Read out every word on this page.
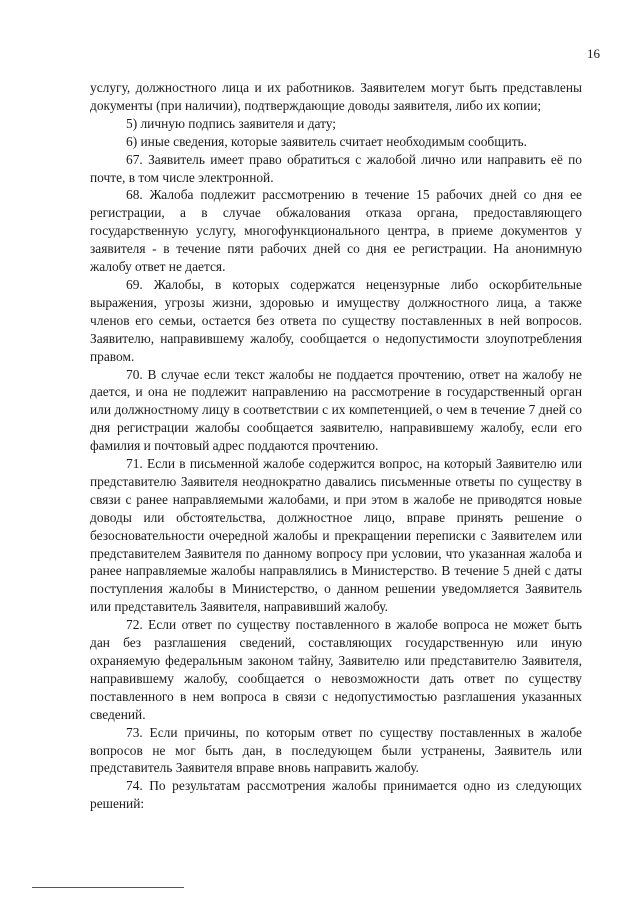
16

услугу, должностного лица и их работников. Заявителем могут быть представлены документы (при наличии), подтверждающие доводы заявителя, либо их копии;

5) личную подпись заявителя и дату;

6) иные сведения, которые заявитель считает необходимым сообщить.

67. Заявитель имеет право обратиться с жалобой лично или направить её по почте, в том числе электронной.

68. Жалоба подлежит рассмотрению в течение 15 рабочих дней со дня ее регистрации, а в случае обжалования отказа органа, предоставляющего государственную услугу, многофункционального центра, в приеме документов у заявителя - в течение пяти рабочих дней со дня ее регистрации. На анонимную жалобу ответ не дается.

69. Жалобы, в которых содержатся нецензурные либо оскорбительные выражения, угрозы жизни, здоровью и имуществу должностного лица, а также членов его семьи, остается без ответа по существу поставленных в ней вопросов. Заявителю, направившему жалобу, сообщается о недопустимости злоупотребления правом.

70. В случае если текст жалобы не поддается прочтению, ответ на жалобу не дается, и она не подлежит направлению на рассмотрение в государственный орган или должностному лицу в соответствии с их компетенцией, о чем в течение 7 дней со дня регистрации жалобы сообщается заявителю, направившему жалобу, если его фамилия и почтовый адрес поддаются прочтению.

71. Если в письменной жалобе содержится вопрос, на который Заявителю или представителю Заявителя неоднократно давались письменные ответы по существу в связи с ранее направляемыми жалобами, и при этом в жалобе не приводятся новые доводы или обстоятельства, должностное лицо, вправе принять решение о безосновательности очередной жалобы и прекращении переписки с Заявителем или представителем Заявителя по данному вопросу при условии, что указанная жалоба и ранее направляемые жалобы направлялись в Министерство. В течение 5 дней с даты поступления жалобы в Министерство, о данном решении уведомляется Заявитель или представитель Заявителя, направивший жалобу.

72. Если ответ по существу поставленного в жалобе вопроса не может быть дан без разглашения сведений, составляющих государственную или иную охраняемую федеральным законом тайну, Заявителю или представителю Заявителя, направившему жалобу, сообщается о невозможности дать ответ по существу поставленного в нем вопроса в связи с недопустимостью разглашения указанных сведений.

73. Если причины, по которым ответ по существу поставленных в жалобе вопросов не мог быть дан, в последующем были устранены, Заявитель или представитель Заявителя вправе вновь направить жалобу.

74. По результатам рассмотрения жалобы принимается одно из следующих решений:
